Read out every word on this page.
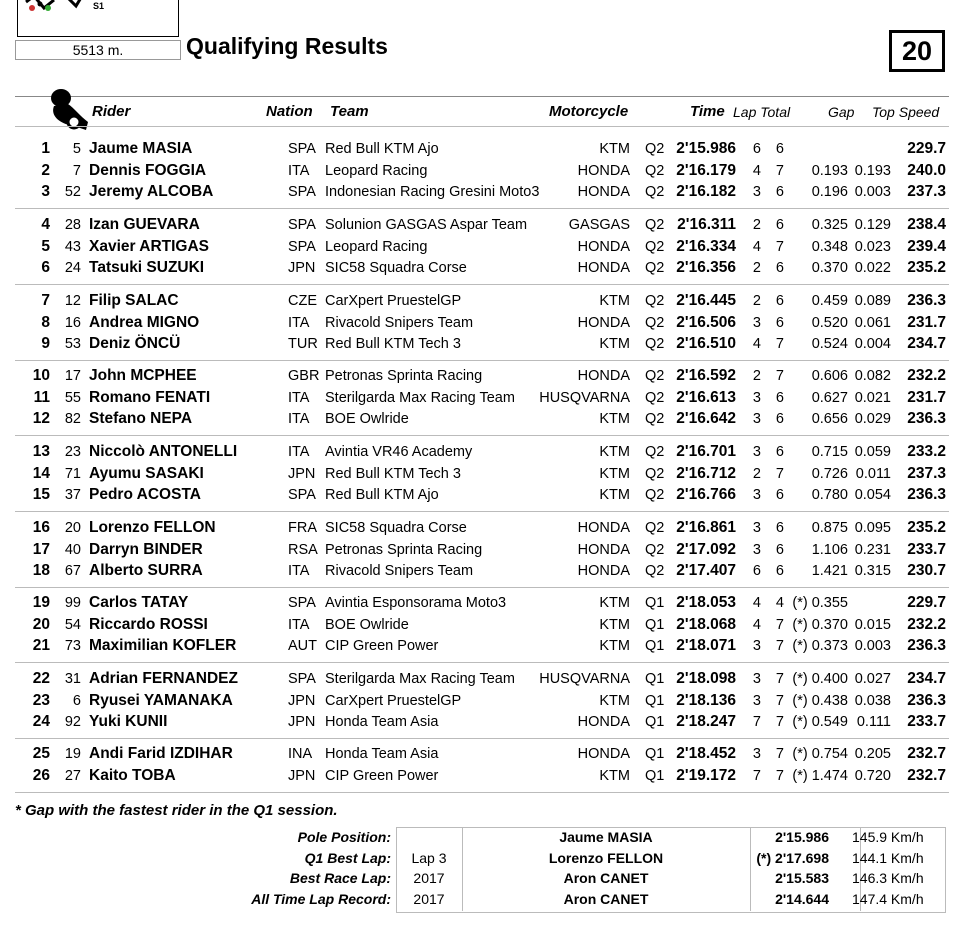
S1
5513 m.	Qualifying Results	20
Rider	Nation Team	Motorcycle	Time Lap Total	Gap Top Speed
1 5 Jaume MASIA	SPA Red Bull KTM Ajo	KTM Q2 2'15.986 6 6	229.7
2 7 Dennis FOGGIA	ITA Leopard Racing	HONDA Q2 2'16.179 4 7 0.193 0.193 240.0
3 52 Jeremy ALCOBA	SPA Indonesian Racing Gresini Moto3	HONDA Q2 2'16.182 3 6 0.196 0.003 237.3
4 28 Izan GUEVARA	SPA Solunion GASGAS Aspar Team	GASGAS Q2 2'16.311 2 6 0.325 0.129 238.4
5 43 Xavier ARTIGAS	SPA Leopard Racing	HONDA Q2 2'16.334 4 7 0.348 0.023 239.4
6 24 Tatsuki SUZUKI	JPN SIC58 Squadra Corse	HONDA Q2 2'16.356 2 6 0.370 0.022 235.2
7 12 Filip SALAC	CZE CarXpert PruestelGP	KTM Q2 2'16.445 2 6 0.459 0.089 236.3
8 16 Andrea MIGNO	ITA Rivacold Snipers Team	HONDA Q2 2'16.506 3 6 0.520 0.061 231.7
9 53 Deniz ÖNCÜ	TUR Red Bull KTM Tech 3	KTM Q2 2'16.510 4 7 0.524 0.004 234.7
10 17 John MCPHEE	GBR Petronas Sprinta Racing	HONDA Q2 2'16.592 2 7 0.606 0.082 232.2
11 55 Romano FENATI	ITA Sterilgarda Max Racing Team HUSQVARNA Q2 2'16.613 3 6 0.627 0.021 231.7
12 82 Stefano NEPA	ITA BOE Owlride	KTM Q2 2'16.642 3 6 0.656 0.029 236.3
13 23 Niccolò ANTONELLI	ITA Avintia VR46 Academy	KTM Q2 2'16.701 3 6 0.715 0.059 233.2
14 71 Ayumu SASAKI	JPN Red Bull KTM Tech 3	KTM Q2 2'16.712 2 7 0.726 0.011 237.3
15 37 Pedro ACOSTA	SPA Red Bull KTM Ajo	KTM Q2 2'16.766 3 6 0.780 0.054 236.3
16 20 Lorenzo FELLON	FRA SIC58 Squadra Corse	HONDA Q2 2'16.861 3 6 0.875 0.095 235.2
17 40 Darryn BINDER	RSA Petronas Sprinta Racing	HONDA Q2 2'17.092 3 6 1.106 0.231 233.7
18 67 Alberto SURRA	ITA Rivacold Snipers Team	HONDA Q2 2'17.407 6 6 1.421 0.315 230.7
19 99 Carlos TATAY	SPA Avintia Esponsorama Moto3	KTM Q1 2'18.053 4 4 (*) 0.355	229.7
20 54 Riccardo ROSSI	ITA BOE Owlride	KTM Q1 2'18.068 4 7 (*) 0.370 0.015 232.2
21 73 Maximilian KOFLER	AUT CIP Green Power	KTM Q1 2'18.071 3 7 (*) 0.373 0.003 236.3
22 31 Adrian FERNANDEZ	SPA Sterilgarda Max Racing Team HUSQVARNA Q1 2'18.098 3 7 (*) 0.400 0.027 234.7
23 6 Ryusei YAMANAKA	JPN CarXpert PruestelGP	KTM Q1 2'18.136 3 7 (*) 0.438 0.038 236.3
24 92 Yuki KUNII	JPN Honda Team Asia	HONDA Q1 2'18.247 7 7 (*) 0.549 0.111 233.7
25 19 Andi Farid IZDIHAR	INA Honda Team Asia	HONDA Q1 2'18.452 3 7 (*) 0.754 0.205 232.7
26 27 Kaito TOBA	JPN CIP Green Power	KTM Q1 2'19.172 7 7 (*) 1.474 0.720 232.7
* Gap with the fastest rider in the Q1 session.
Pole Position:	Jaume MASIA	2'15.986 145.9 Km/h
Q1 Best Lap:	Lap 3	Lorenzo FELLON	(*) 2'17.698 144.1 Km/h
Best Race Lap:	2017	Aron CANET	2'15.583 146.3 Km/h
All Time Lap Record:	2017	Aron CANET	2'14.644 147.4 Km/h
